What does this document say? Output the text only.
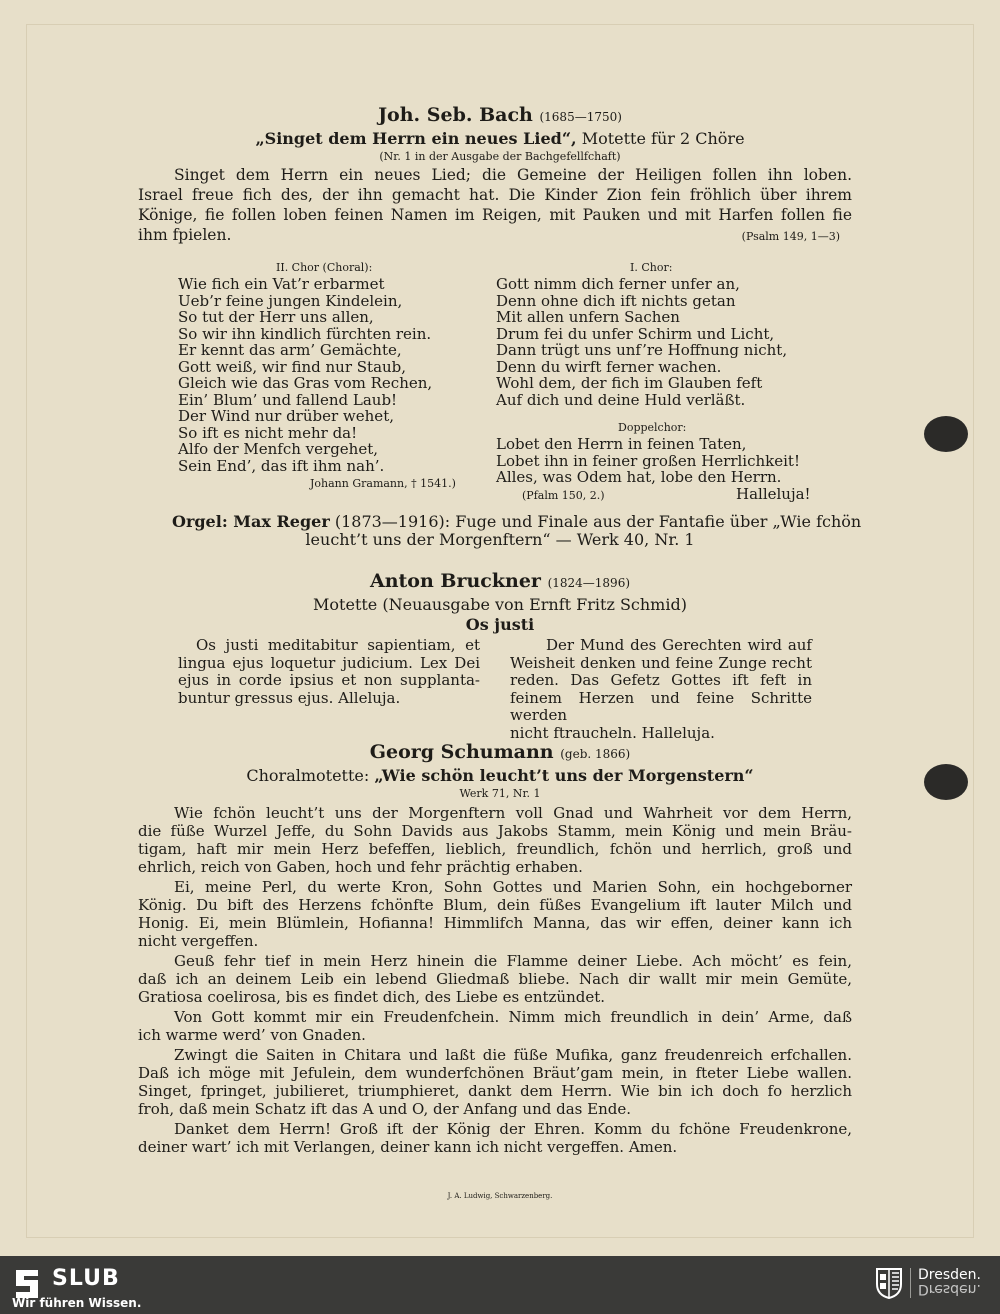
Joh. Seb. Bach (1685—1750)
„Singet dem Herrn ein neues Lied“, Motette für 2 Chöre
(Nr. 1 in der Ausgabe der Bachgefellfchaft)
Singet dem Herrn ein neues Lied; die Gemeine der Heiligen follen ihn loben.
Israel freue fich des, der ihn gemacht hat. Die Kinder Zion fein fröhlich über ihrem
Könige, fie follen loben feinen Namen im Reigen, mit Pauken und mit Harfen follen fie
ihm fpielen.	(Psalm 149, 1—3)
II. Chor (Choral):
Wie fich ein Vat’r erbarmet
Ueb’r feine jungen Kindelein,
So tut der Herr uns allen,
So wir ihn kindlich fürchten rein.
Er kennt das arm’ Gemächte,
Gott weiß, wir find nur Staub,
Gleich wie das Gras vom Rechen,
Ein’ Blum’ und fallend Laub!
Der Wind nur drüber wehet,
So ift es nicht mehr da!
Alfo der Menfch vergehet,
Sein End’, das ift ihm nah’.
Johann Gramann, † 1541.)
I. Chor:
Gott nimm dich ferner unfer an,
Denn ohne dich ift nichts getan
Mit allen unfern Sachen
Drum fei du unfer Schirm und Licht,
Dann trügt uns unf’re Hoffnung nicht,
Denn du wirft ferner wachen.
Wohl dem, der fich im Glauben feft
Auf dich und deine Huld verläßt.
Doppelchor:
Lobet den Herrn in feinen Taten,
Lobet ihn in feiner großen Herrlichkeit!
Alles, was Odem hat, lobe den Herrn.
(Pfalm 150, 2.)	Halleluja!
Orgel: Max Reger (1873—1916): Fuge und Finale aus der Fantafie über „Wie fchön
leucht’t uns der Morgenftern“ — Werk 40, Nr. 1
Anton Bruckner (1824—1896)
Motette (Neuausgabe von Ernft Fritz Schmid)
Os justi
Os justi meditabitur sapientiam, et
lingua ejus loquetur judicium. Lex Dei
ejus in corde ipsius et non supplanta-
buntur gressus ejus. Alleluja.
Der Mund des Gerechten wird auf
Weisheit denken und feine Zunge recht
reden. Das Gefetz Gottes ift feft in
feinem Herzen und feine Schritte werden
nicht ftraucheln. Halleluja.
Georg Schumann (geb. 1866)
Choralmotette: „Wie schön leucht’t uns der Morgenstern“
Werk 71, Nr. 1
Wie fchön leucht’t uns der Morgenftern voll Gnad und Wahrheit vor dem Herrn,
die füße Wurzel Jeffe, du Sohn Davids aus Jakobs Stamm, mein König und mein Bräu-
tigam, haft mir mein Herz befeffen, lieblich, freundlich, fchön und herrlich, groß und
ehrlich, reich von Gaben, hoch und fehr prächtig erhaben.
Ei, meine Perl, du werte Kron, Sohn Gottes und Marien Sohn, ein hochgeborner
König. Du bift des Herzens fchönfte Blum, dein füßes Evangelium ift lauter Milch und
Honig. Ei, mein Blümlein, Hofianna! Himmlifch Manna, das wir effen, deiner kann ich
nicht vergeffen.
Geuß fehr tief in mein Herz hinein die Flamme deiner Liebe. Ach möcht’ es fein,
daß ich an deinem Leib ein lebend Gliedmaß bliebe. Nach dir wallt mir mein Gemüte,
Gratiosa coelirosa, bis es findet dich, des Liebe es entzündet.
Von Gott kommt mir ein Freudenfchein. Nimm mich freundlich in dein’ Arme, daß
ich warme werd’ von Gnaden.
Zwingt die Saiten in Chitara und laßt die füße Mufika, ganz freudenreich erfchallen.
Daß ich möge mit Jefulein, dem wunderfchönen Bräut’gam mein, in fteter Liebe wallen.
Singet, fpringet, jubilieret, triumphieret, dankt dem Herrn. Wie bin ich doch fo herzlich
froh, daß mein Schatz ift das A und O, der Anfang und das Ende.
Danket dem Herrn! Groß ift der König der Ehren. Komm du fchöne Freudenkrone,
deiner wart’ ich mit Verlangen, deiner kann ich nicht vergeffen. Amen.
J. A. Ludwig, Schwarzenberg.
SLUB
Wir führen Wissen.
Dresden.
Dresden.
